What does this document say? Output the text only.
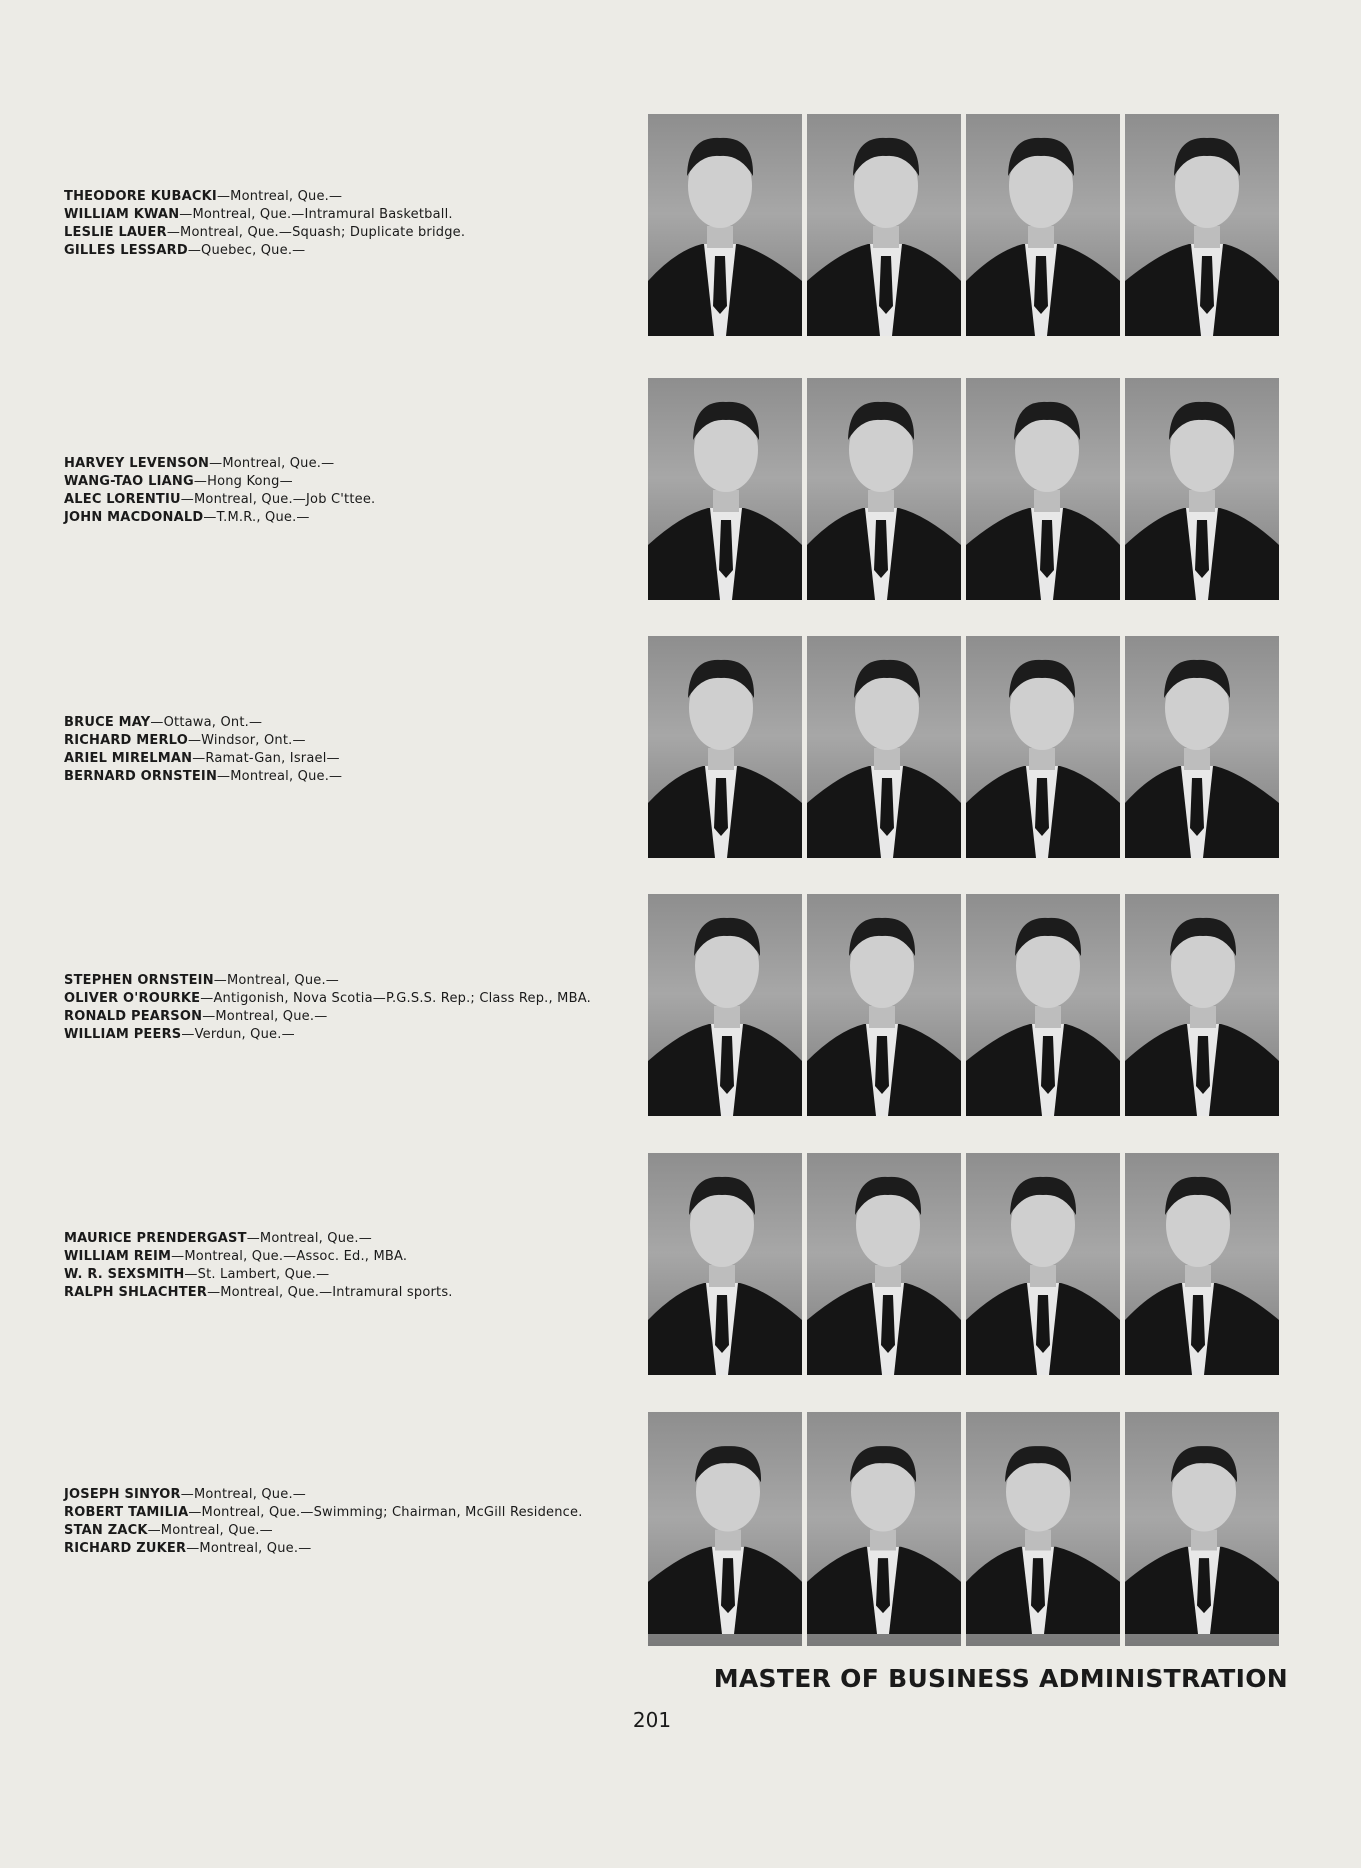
THEODORE KUBACKI—Montreal, Que.—

WILLIAM KWAN—Montreal, Que.—Intramural Basketball.

LESLIE LAUER—Montreal, Que.—Squash; Duplicate bridge.

GILLES LESSARD—Quebec, Que.—

HARVEY LEVENSON—Montreal, Que.—

WANG-TAO LIANG—Hong Kong—

ALEC LORENTIU—Montreal, Que.—Job C'ttee.

JOHN MACDONALD—T.M.R., Que.—

BRUCE MAY—Ottawa, Ont.—

RICHARD MERLO—Windsor, Ont.—

ARIEL MIRELMAN—Ramat-Gan, Israel—

BERNARD ORNSTEIN—Montreal, Que.—

STEPHEN ORNSTEIN—Montreal, Que.—

OLIVER O'ROURKE—Antigonish, Nova Scotia—P.G.S.S. Rep.; Class Rep., MBA.

RONALD PEARSON—Montreal, Que.—

WILLIAM PEERS—Verdun, Que.—

MAURICE PRENDERGAST—Montreal, Que.—

WILLIAM REIM—Montreal, Que.—Assoc. Ed., MBA.

W. R. SEXSMITH—St. Lambert, Que.—

RALPH SHLACHTER—Montreal, Que.—Intramural sports.

JOSEPH SINYOR—Montreal, Que.—

ROBERT TAMILIA—Montreal, Que.—Swimming; Chairman, McGill Residence.

STAN ZACK—Montreal, Que.—

RICHARD ZUKER—Montreal, Que.—

MASTER OF BUSINESS ADMINISTRATION
201
